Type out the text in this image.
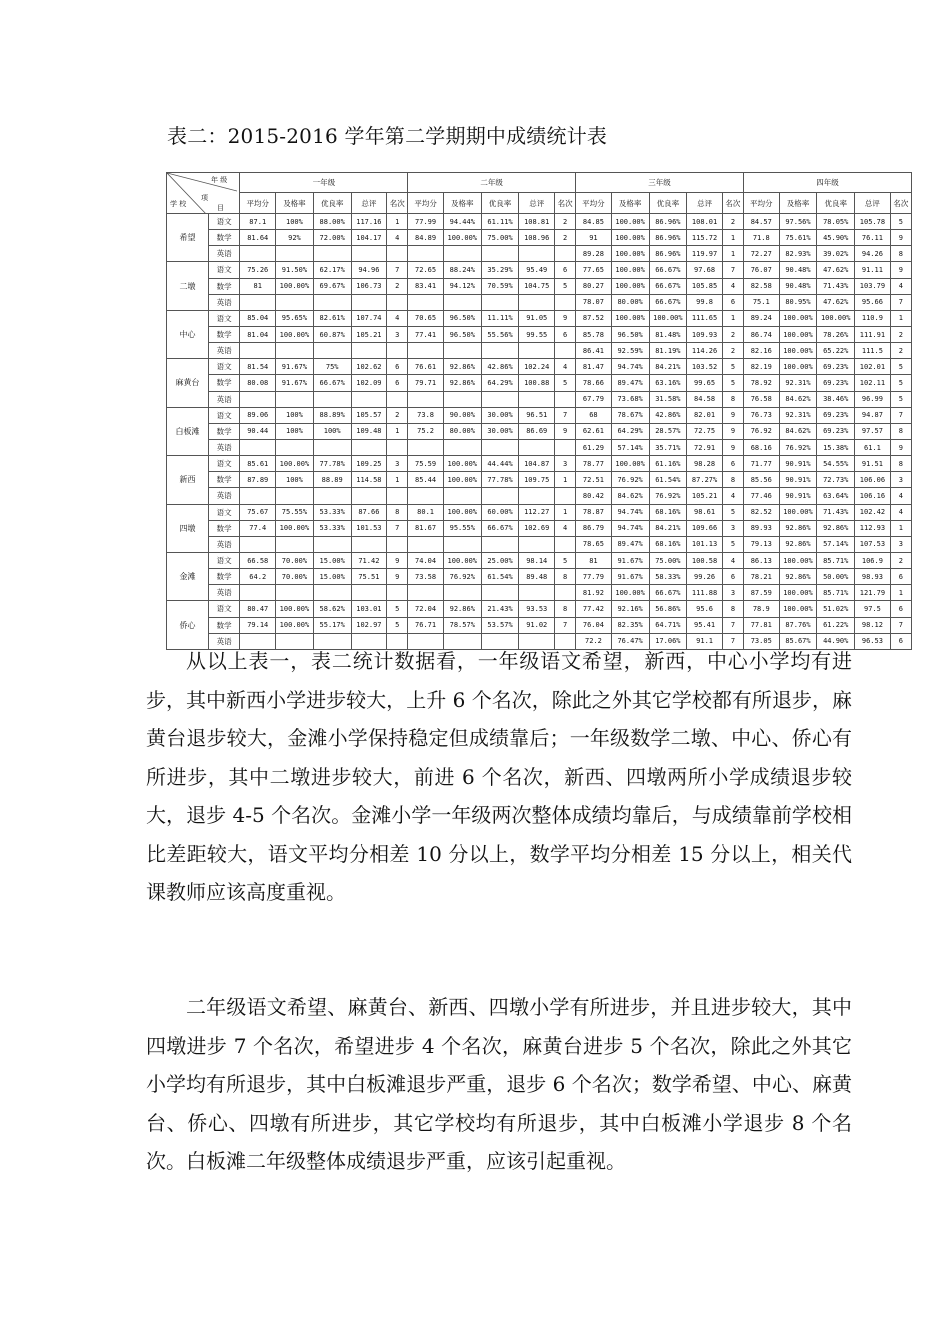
表二：2015-2016 学年第二学期期中成绩统计表
年 级
项
目
学 校		一年级					二年级					三年级					四年级				
		平均分	及格率	优良率	总评	名次	平均分	及格率	优良率	总评	名次	平均分	及格率	优良率	总评	名次	平均分	及格率	优良率	总评	名次
希望	语文	87.1	100%	88.00%	117.16	1	77.99	94.44%	61.11%	108.81	2	84.85	100.00%	86.96%	108.01	2	84.57	97.56%	78.05%	105.78	5
	数学	81.64	92%	72.00%	104.17	4	84.89	100.00%	75.00%	108.96	2	91	100.00%	86.96%	115.72	1	71.8	75.61%	45.90%	76.11	9
	英语											89.28	100.00%	86.96%	119.97	1	72.27	82.93%	39.02%	94.26	8
二墩	语文	75.26	91.50%	62.17%	94.96	7	72.65	88.24%	35.29%	95.49	6	77.65	100.00%	66.67%	97.68	7	76.07	90.48%	47.62%	91.11	9
	数学	81	100.00%	69.67%	106.73	2	83.41	94.12%	70.59%	104.75	5	80.27	100.00%	66.67%	105.85	4	82.58	90.48%	71.43%	103.79	4
	英语											78.07	80.00%	66.67%	99.8	6	75.1	80.95%	47.62%	95.66	7
中心	语文	85.04	95.65%	82.61%	107.74	4	70.65	96.50%	11.11%	91.05	9	87.52	100.00%	100.00%	111.65	1	89.24	100.00%	100.00%	110.9	1
	数学	81.04	100.00%	60.87%	105.21	3	77.41	96.50%	55.56%	99.55	6	85.78	96.50%	81.48%	109.93	2	86.74	100.00%	78.26%	111.91	2
	英语											86.41	92.59%	81.19%	114.26	2	82.16	100.00%	65.22%	111.5	2
麻黄台	语文	81.54	91.67%	75%	102.62	6	76.61	92.86%	42.86%	102.24	4	81.47	94.74%	84.21%	103.52	5	82.19	100.00%	69.23%	102.01	5
	数学	80.08	91.67%	66.67%	102.09	6	79.71	92.86%	64.29%	100.88	5	78.66	89.47%	63.16%	99.65	5	78.92	92.31%	69.23%	102.11	5
	英语											67.79	73.68%	31.58%	84.58	8	76.58	84.62%	38.46%	96.99	5
白板滩	语文	89.06	100%	88.89%	105.57	2	73.8	90.00%	30.00%	96.51	7	68	78.67%	42.86%	82.01	9	76.73	92.31%	69.23%	94.87	7
	数学	90.44	100%	100%	109.48	1	75.2	80.00%	30.00%	86.69	9	62.61	64.29%	28.57%	72.75	9	76.92	84.62%	69.23%	97.57	8
	英语											61.29	57.14%	35.71%	72.91	9	68.16	76.92%	15.38%	61.1	9
新西	语文	85.61	100.00%	77.78%	109.25	3	75.59	100.00%	44.44%	104.87	3	78.77	100.00%	61.16%	98.28	6	71.77	90.91%	54.55%	91.51	8
	数学	87.89	100%	88.89	114.58	1	85.44	100.00%	77.78%	109.75	1	72.51	76.92%	61.54%	87.27%	8	85.56	90.91%	72.73%	106.06	3
	英语											80.42	84.62%	76.92%	105.21	4	77.46	90.91%	63.64%	106.16	4
四墩	语文	75.67	75.55%	53.33%	87.66	8	80.1	100.00%	60.00%	112.27	1	78.87	94.74%	68.16%	98.61	5	82.52	100.00%	71.43%	102.42	4
	数学	77.4	100.00%	53.33%	101.53	7	81.67	95.55%	66.67%	102.69	4	86.79	94.74%	84.21%	109.66	3	89.93	92.86%	92.86%	112.93	1
	英语											78.65	89.47%	68.16%	101.13	5	79.13	92.86%	57.14%	107.53	3
金滩	语文	66.58	70.00%	15.00%	71.42	9	74.04	100.00%	25.00%	98.14	5	81	91.67%	75.00%	100.58	4	86.13	100.00%	85.71%	106.9	2
	数学	64.2	70.00%	15.00%	75.51	9	73.58	76.92%	61.54%	89.48	8	77.79	91.67%	58.33%	99.26	6	78.21	92.86%	50.00%	98.93	6
	英语											81.92	100.00%	66.67%	111.88	3	87.59	100.00%	85.71%	121.79	1
侨心	语文	80.47	100.00%	58.62%	103.01	5	72.04	92.86%	21.43%	93.53	8	77.42	92.16%	56.86%	95.6	8	78.9	100.00%	51.02%	97.5	6
	数学	79.14	100.00%	55.17%	102.97	5	76.71	78.57%	53.57%	91.02	7	76.04	82.35%	64.71%	95.41	7	77.81	87.76%	61.22%	98.12	7
	英语											72.2	76.47%	17.06%	91.1	7	73.05	85.67%	44.90%	96.53	6
从以上表一，表二统计数据看，一年级语文希望，新西，中心小学均有进步，其中新西小学进步较大，上升 6 个名次，除此之外其它学校都有所退步，麻黄台退步较大，金滩小学保持稳定但成绩靠后；一年级数学二墩、中心、侨心有所进步，其中二墩进步较大，前进 6 个名次，新西、四墩两所小学成绩退步较大，退步 4-5 个名次。金滩小学一年级两次整体成绩均靠后，与成绩靠前学校相比差距较大，语文平均分相差 10 分以上，数学平均分相差 15 分以上，相关代课教师应该高度重视。
二年级语文希望、麻黄台、新西、四墩小学有所进步，并且进步较大，其中四墩进步 7 个名次，希望进步 4 个名次，麻黄台进步 5 个名次，除此之外其它小学均有所退步，其中白板滩退步严重，退步 6 个名次；数学希望、中心、麻黄台、侨心、四墩有所进步，其它学校均有所退步，其中白板滩小学退步 8 个名次。白板滩二年级整体成绩退步严重，应该引起重视。
